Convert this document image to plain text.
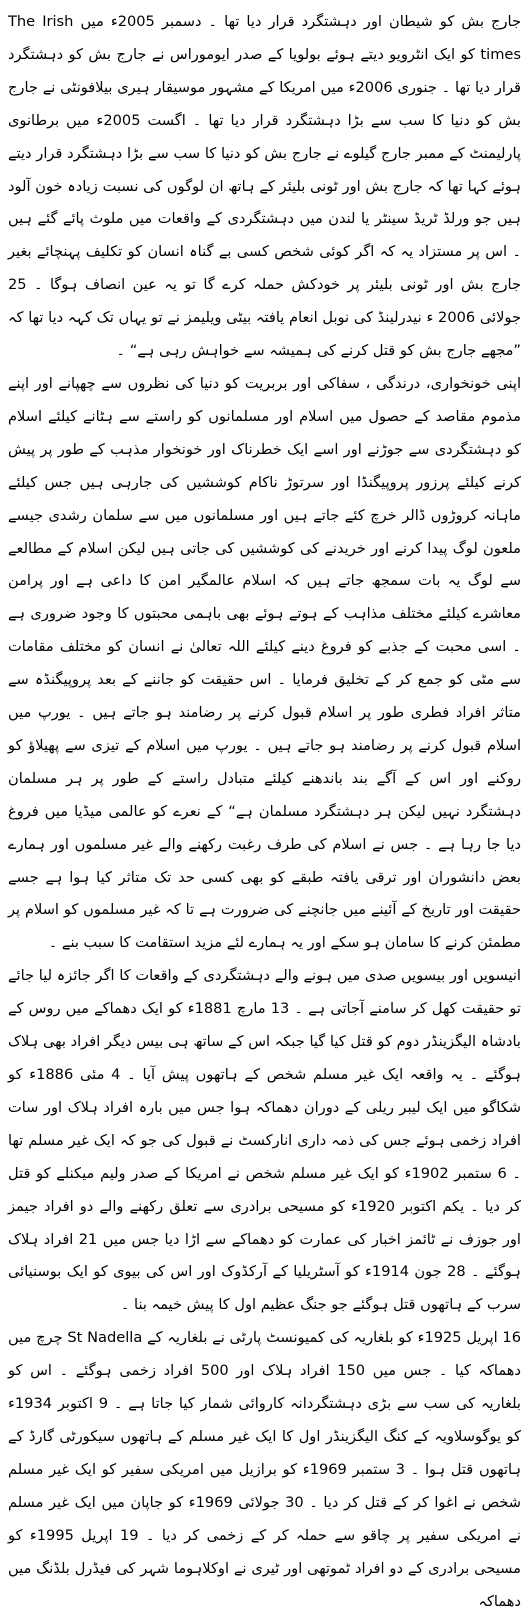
جارج بش کو شیطان اور دہشتگرد قرار دیا تھا ۔ دسمبر 2005ء میں The Irish times کو ایک انٹرویو دیتے ہوئے بولویا کے صدر ایوموراس نے جارج بش کو دہشتگرد قرار دیا تھا ۔ جنوری 2006ء میں امریکا کے مشہور موسیقار ہیری بیلافونٹی نے جارج بش کو دنیا کا سب سے بڑا دہشتگرد قرار دیا تھا ۔ اگست 2005ء میں برطانوی پارلیمنٹ کے ممبر جارج گیلوے نے جارج بش کو دنیا کا سب سے بڑا دہشتگرد قرار دیتے ہوئے کہا تھا کہ جارج بش اور ٹونی بلیئر کے ہاتھ ان لوگوں کی نسبت زیادہ خون آلود ہیں جو ورلڈ ٹریڈ سینٹر یا لندن میں دہشتگردی کے واقعات میں ملوث پائے گئے ہیں ۔ اس پر مستزاد یہ کہ اگر کوئی شخص کسی بے گناہ انسان کو تکلیف پہنچائے بغیر جارج بش اور ٹونی بلیئر پر خودکش حملہ کرے گا تو یہ عین انصاف ہوگا ۔ 25 جولائی 2006 ء نیدرلینڈ کی نوبل انعام یافتہ بیٹی ویلیمز نے تو یہاں تک کہہ دیا تھا کہ ”مجھے جارج بش کو قتل کرنے کی ہمیشہ سے خواہش رہی ہے“ ۔

اپنی خونخواری، درندگی ، سفاکی اور بربریت کو دنیا کی نظروں سے چھپانے اور اپنے مذموم مقاصد کے حصول میں اسلام اور مسلمانوں کو راستے سے ہٹانے کیلئے اسلام کو دہشتگردی سے جوڑنے اور اسے ایک خطرناک اور خونخوار مذہب کے طور پر پیش کرنے کیلئے پرزور پروپیگنڈا اور سرتوڑ ناکام کوششیں کی جارہی ہیں جس کیلئے ماہانہ کروڑوں ڈالر خرچ کئے جاتے ہیں اور مسلمانوں میں سے سلمان رشدی جیسے ملعون لوگ پیدا کرنے اور خریدنے کی کوششیں کی جاتی ہیں لیکن اسلام کے مطالعے سے لوگ یہ بات سمجھ جاتے ہیں کہ اسلام عالمگیر امن کا داعی ہے اور پرامن معاشرے کیلئے مختلف مذاہب کے ہوتے ہوئے بھی باہمی محبتوں کا وجود ضروری ہے ۔ اسی محبت کے جذبے کو فروغ دینے کیلئے اللہ تعالیٰ نے انسان کو مختلف مقامات سے مٹی کو جمع کر کے تخلیق فرمایا ۔ اس حقیقت کو جاننے کے بعد پروپیگنڈہ سے متاثر افراد فطری طور پر اسلام قبول کرنے پر رضامند ہو جاتے ہیں ۔ یورپ میں اسلام قبول کرنے پر رضامند ہو جاتے ہیں ۔ یورپ میں اسلام کے تیزی سے پھیلاؤ کو روکنے اور اس کے آگے بند باندھنے کیلئے متبادل راستے کے طور پر ہر مسلمان دہشتگرد نہیں لیکن ہر دہشتگرد مسلمان ہے“ کے نعرے کو عالمی میڈیا میں فروغ دیا جا رہا ہے ۔ جس نے اسلام کی طرف رغبت رکھنے والے غیر مسلموں اور ہمارے بعض دانشوران اور ترقی یافتہ طبقے کو بھی کسی حد تک متاثر کیا ہوا ہے جسے حقیقت اور تاریخ کے آئینے میں جانچنے کی ضرورت ہے تا کہ غیر مسلموں کو اسلام پر مطمئن کرنے کا سامان ہو سکے اور یہ ہمارے لئے مزید استقامت کا سبب بنے ۔

انیسویں اور بیسویں صدی میں ہونے والے دہشتگردی کے واقعات کا اگر جائزہ لیا جائے تو حقیقت کھل کر سامنے آجاتی ہے ۔ 13 مارچ 1881ء کو ایک دھماکے میں روس کے بادشاہ الیگزینڈر دوم کو قتل کیا گیا جبکہ اس کے ساتھ ہی بیس دیگر افراد بھی ہلاک ہوگئے ۔ یہ واقعہ ایک غیر مسلم شخص کے ہاتھوں پیش آیا ۔ 4 مئی 1886ء کو شکاگو میں ایک لیبر ریلی کے دوران دھماکہ ہوا جس میں بارہ افراد ہلاک اور سات افراد زخمی ہوئے جس کی ذمہ داری انارکسٹ نے قبول کی جو کہ ایک غیر مسلم تھا ۔ 6 ستمبر 1902ء کو ایک غیر مسلم شخص نے امریکا کے صدر ولیم میکنلے کو قتل کر دیا ۔ یکم اکتوبر 1920ء کو مسیحی برادری سے تعلق رکھنے والے دو افراد جیمز اور جوزف نے ٹائمز اخبار کی عمارت کو دھماکے سے اڑا دیا جس میں 21 افراد ہلاک ہوگئے ۔ 28 جون 1914ء کو آسٹریلیا کے آرکڈوک اور اس کی بیوی کو ایک بوسنیائی سرب کے ہاتھوں قتل ہوگئے جو جنگ عظیم اول کا پیش خیمہ بنا ۔

16 اپریل 1925ء کو بلغاریہ کی کمیونسٹ پارٹی نے بلغاریہ کے St Nadella چرچ میں دھماکہ کیا ۔ جس میں 150 افراد ہلاک اور 500 افراد زخمی ہوگئے ۔ اس کو بلغاریہ کی سب سے بڑی دہشتگردانہ کاروائی شمار کیا جاتا ہے ۔ 9 اکتوبر 1934ء کو یوگوسلاویہ کے کنگ الیگزینڈر اول کا ایک غیر مسلم کے ہاتھوں سیکورٹی گارڈ کے ہاتھوں قتل ہوا ۔ 3 ستمبر 1969ء کو برازیل میں امریکی سفیر کو ایک غیر مسلم شخص نے اغوا کر کے قتل کر دیا ۔ 30 جولائی 1969ء کو جاپان میں ایک غیر مسلم نے امریکی سفیر پر چاقو سے حملہ کر کے زخمی کر دیا ۔ 19 اپریل 1995ء کو مسیحی برادری کے دو افراد ٹموتھی اور ٹیری نے اوکلاہوما شہر کی فیڈرل بلڈنگ میں دھماکہ
